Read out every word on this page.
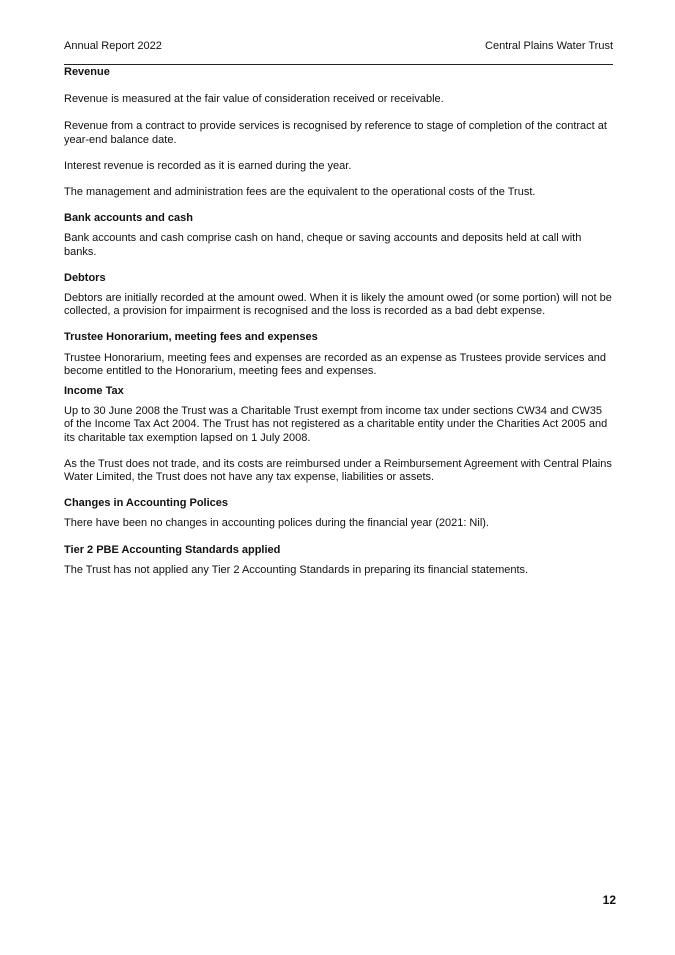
Annual Report 2022	Central Plains Water Trust

Revenue

Revenue is measured at the fair value of consideration received or receivable.

Revenue from a contract to provide services is recognised by reference to stage of completion of the contract at year-end balance date.

Interest revenue is recorded as it is earned during the year.

The management and administration fees are the equivalent to the operational costs of the Trust.

Bank accounts and cash

Bank accounts and cash comprise cash on hand, cheque or saving accounts and deposits held at call with banks.

Debtors

Debtors are initially recorded at the amount owed. When it is likely the amount owed (or some portion) will not be collected, a provision for impairment is recognised and the loss is recorded as a bad debt expense.

Trustee Honorarium, meeting fees and expenses

Trustee Honorarium, meeting fees and expenses are recorded as an expense as Trustees provide services and become entitled to the Honorarium, meeting fees and expenses.

Income Tax

Up to 30 June 2008 the Trust was a Charitable Trust exempt from income tax under sections CW34 and CW35 of the Income Tax Act 2004. The Trust has not registered as a charitable entity under the Charities Act 2005 and its charitable tax exemption lapsed on 1 July 2008.

As the Trust does not trade, and its costs are reimbursed under a Reimbursement Agreement with Central Plains Water Limited, the Trust does not have any tax expense, liabilities or assets.

Changes in Accounting Polices

There have been no changes in accounting polices during the financial year (2021: Nil).

Tier 2 PBE Accounting Standards applied

The Trust has not applied any Tier 2 Accounting Standards in preparing its financial statements.

12
